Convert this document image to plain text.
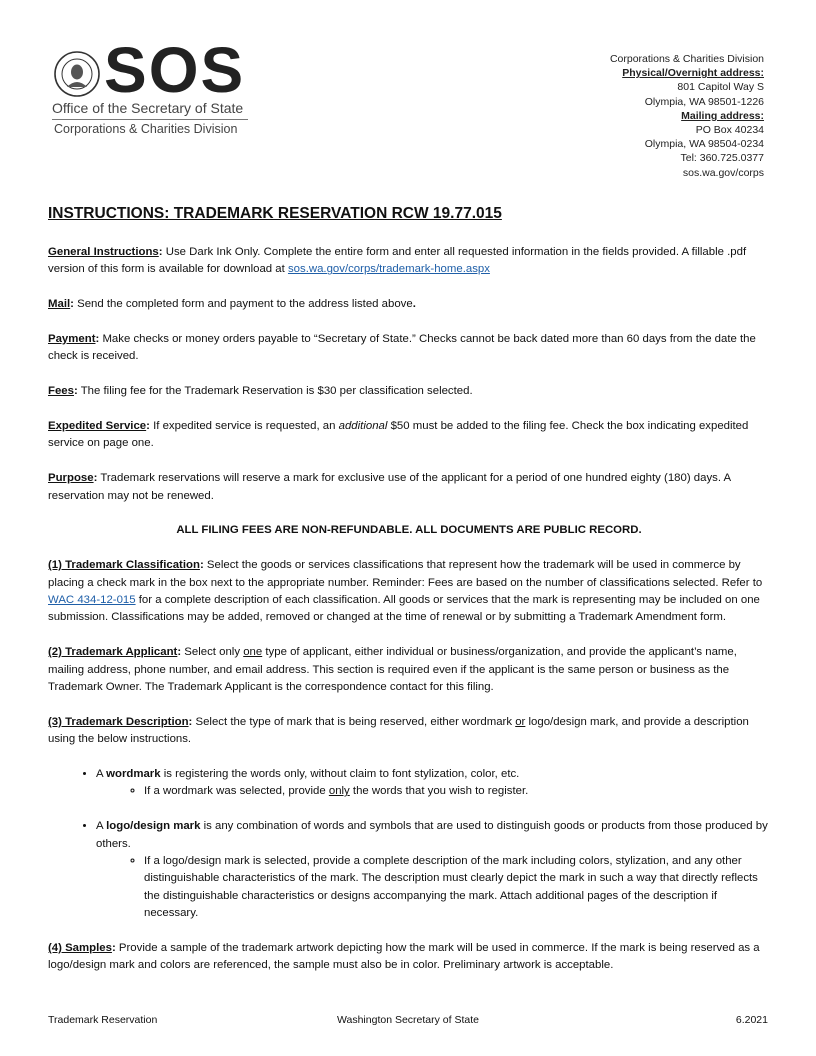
SOS
Office of the Secretary of State
Corporations & Charities Division
Corporations & Charities Division
Physical/Overnight address:
801 Capitol Way S
Olympia, WA 98501-1226
Mailing address:
PO Box 40234
Olympia, WA 98504-0234
Tel: 360.725.0377
sos.wa.gov/corps
INSTRUCTIONS: TRADEMARK RESERVATION RCW 19.77.015

General Instructions: Use Dark Ink Only. Complete the entire form and enter all requested information in the fields provided. A fillable .pdf version of this form is available for download at sos.wa.gov/corps/trademark-home.aspx

Mail: Send the completed form and payment to the address listed above.

Payment: Make checks or money orders payable to “Secretary of State.” Checks cannot be back dated more than 60 days from the date the check is received.

Fees: The filing fee for the Trademark Reservation is $30 per classification selected.

Expedited Service: If expedited service is requested, an additional $50 must be added to the filing fee. Check the box indicating expedited service on page one.

Purpose: Trademark reservations will reserve a mark for exclusive use of the applicant for a period of one hundred eighty (180) days. A reservation may not be renewed.

ALL FILING FEES ARE NON-REFUNDABLE. ALL DOCUMENTS ARE PUBLIC RECORD.

(1) Trademark Classification: Select the goods or services classifications that represent how the trademark will be used in commerce by placing a check mark in the box next to the appropriate number. Reminder: Fees are based on the number of classifications selected. Refer to WAC 434-12-015 for a complete description of each classification. All goods or services that the mark is representing may be included on one submission. Classifications may be added, removed or changed at the time of renewal or by submitting a Trademark Amendment form.

(2) Trademark Applicant: Select only one type of applicant, either individual or business/organization, and provide the applicant’s name, mailing address, phone number, and email address. This section is required even if the applicant is the same person or business as the Trademark Owner. The Trademark Applicant is the correspondence contact for this filing.

(3) Trademark Description: Select the type of mark that is being reserved, either wordmark or logo/design mark, and provide a description using the below instructions.

• A wordmark is registering the words only, without claim to font stylization, color, etc.
◦ If a wordmark was selected, provide only the words that you wish to register.
• A logo/design mark is any combination of words and symbols that are used to distinguish goods or products from those produced by others.
◦ If a logo/design mark is selected, provide a complete description of the mark including colors, stylization, and any other distinguishable characteristics of the mark. The description must clearly depict the mark in such a way that directly reflects the distinguishable characteristics or designs accompanying the mark. Attach additional pages of the description if necessary.

(4) Samples: Provide a sample of the trademark artwork depicting how the mark will be used in commerce. If the mark is being reserved as a logo/design mark and colors are referenced, the sample must also be in color. Preliminary artwork is acceptable.

Trademark Reservation	Washington Secretary of State	6.2021
